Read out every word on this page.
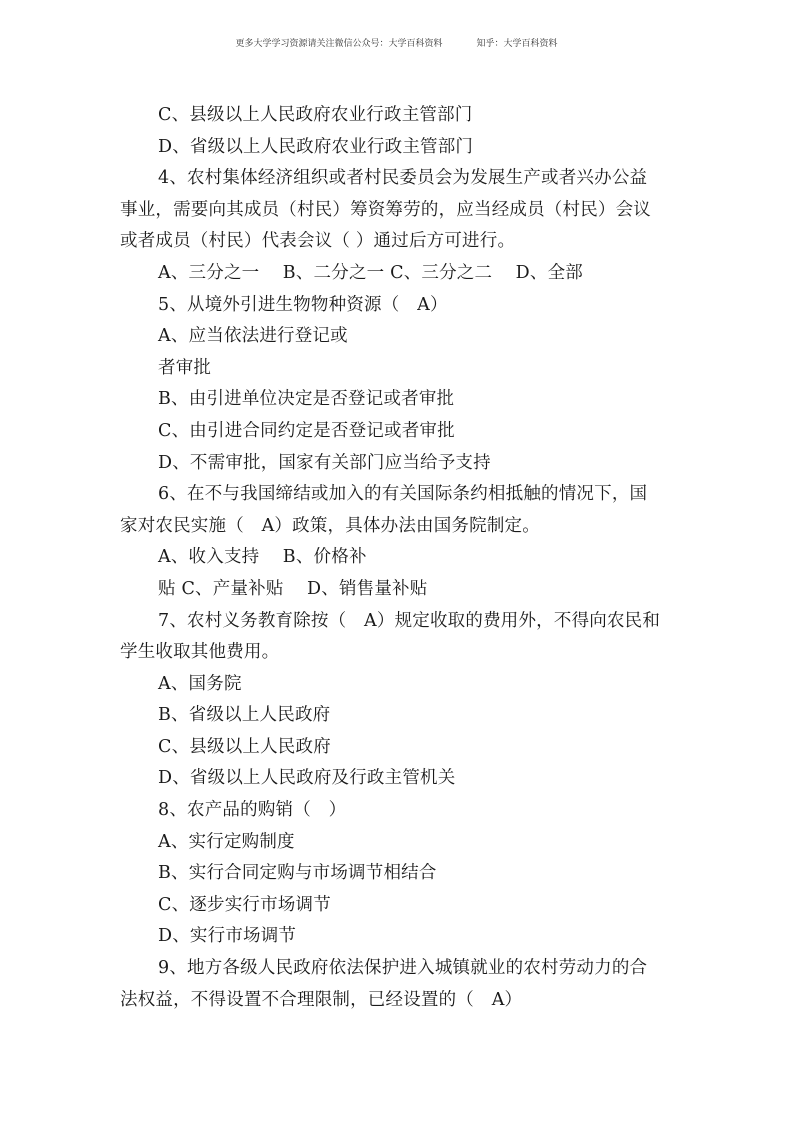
更多大学学习资源请关注微信公众号：大学百科资料	知乎：大学百科资料
C、县级以上人民政府农业行政主管部门
D、省级以上人民政府农业行政主管部门
4、农村集体经济组织或者村民委员会为发展生产或者兴办公益
事业，需要向其成员（村民）筹资筹劳的，应当经成员（村民）会议
或者成员（村民）代表会议（ ）通过后方可进行。
A、三分之一　 B、二分之一 C、三分之二　 D、全部
5、从境外引进生物物种资源（　A）
A、应当依法进行登记或
者审批
B、由引进单位决定是否登记或者审批
C、由引进合同约定是否登记或者审批
D、不需审批，国家有关部门应当给予支持
6、在不与我国缔结或加入的有关国际条约相抵触的情况下，国
家对农民实施（　A）政策，具体办法由国务院制定。
A、收入支持　 B、价格补
贴 C、产量补贴　 D、销售量补贴
7、农村义务教育除按（　A）规定收取的费用外，不得向农民和
学生收取其他费用。
A、国务院
B、省级以上人民政府
C、县级以上人民政府
D、省级以上人民政府及行政主管机关
8、农产品的购销（　）
A、实行定购制度
B、实行合同定购与市场调节相结合
C、逐步实行市场调节
D、实行市场调节
9、地方各级人民政府依法保护进入城镇就业的农村劳动力的合
法权益，不得设置不合理限制，已经设置的（　A）
